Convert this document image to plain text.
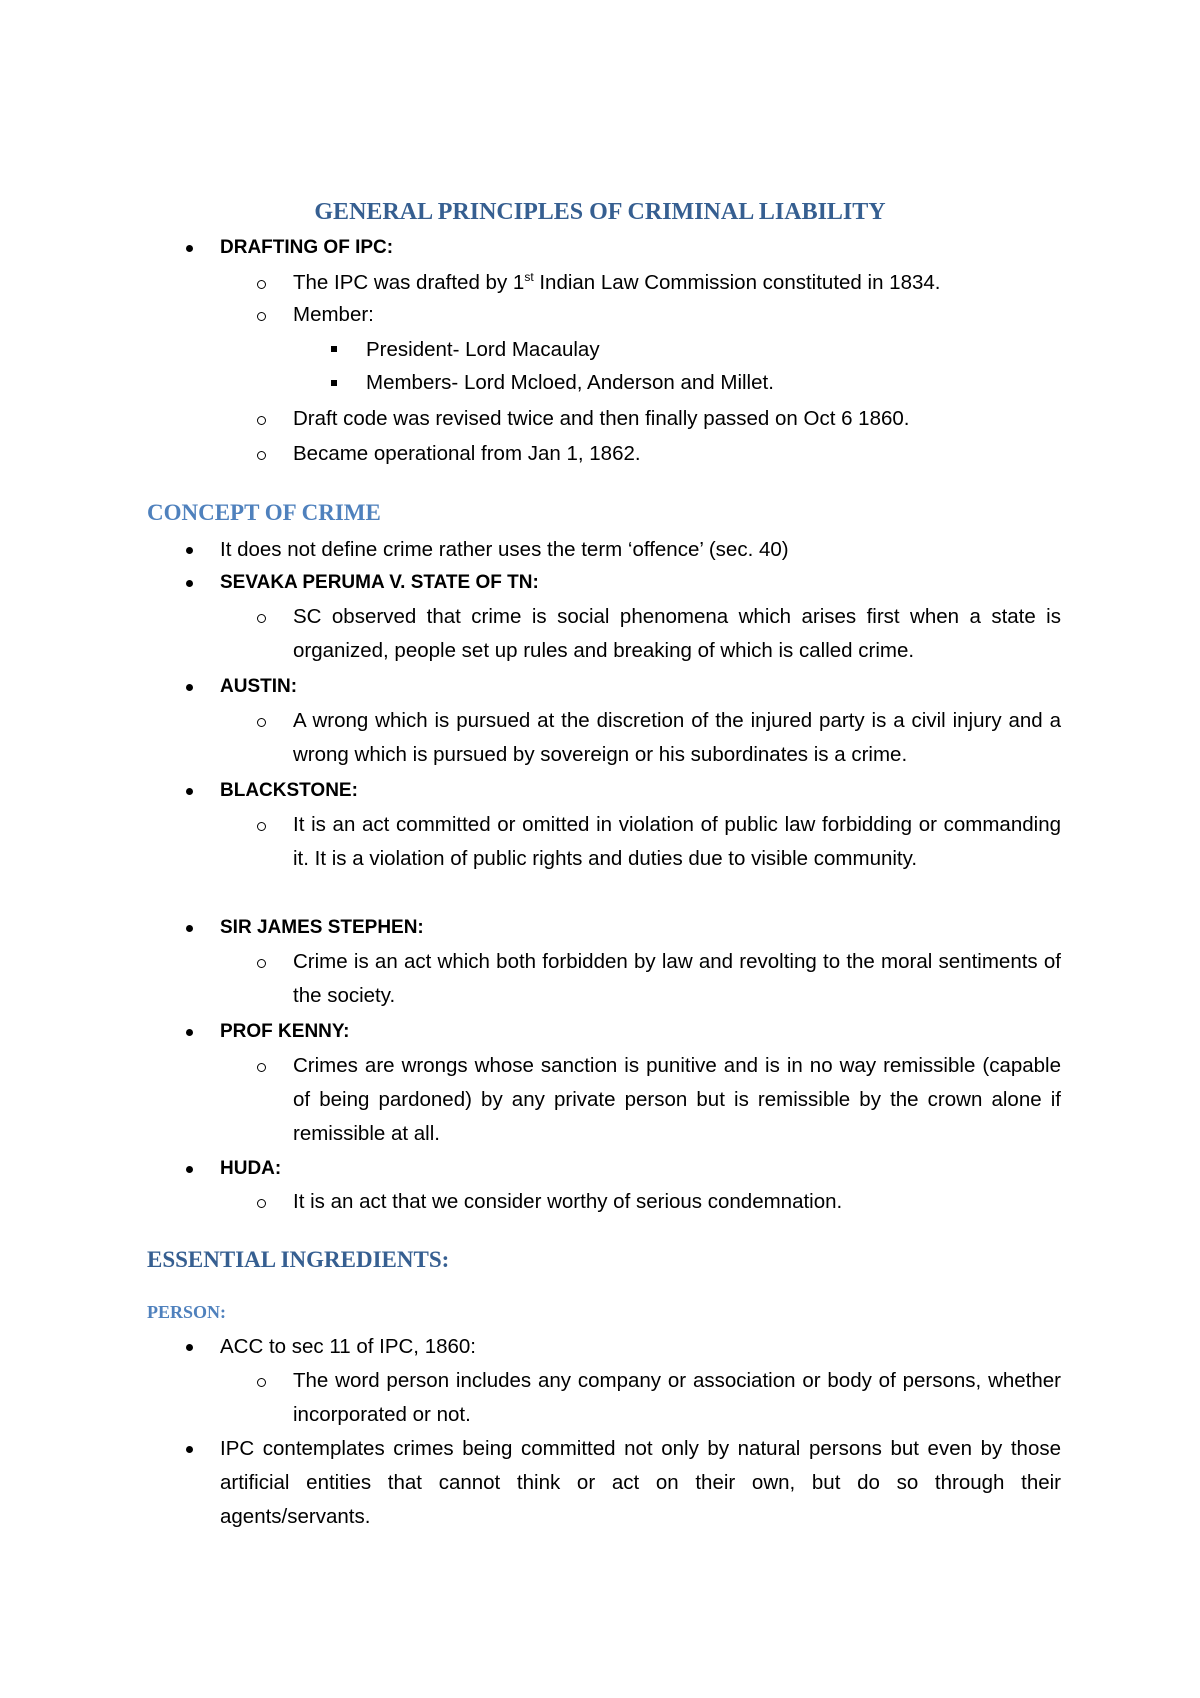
GENERAL PRINCIPLES OF CRIMINAL LIABILITY
DRAFTING OF IPC:
The IPC was drafted by 1st Indian Law Commission constituted in 1834.
Member:
President- Lord Macaulay
Members- Lord Mcloed, Anderson and Millet.
Draft code was revised twice and then finally passed on Oct 6 1860.
Became operational from Jan 1, 1862.
CONCEPT OF CRIME
It does not define crime rather uses the term ‘offence’ (sec. 40)
SEVAKA PERUMA V. STATE OF TN:
SC observed that crime is social phenomena which arises first when a state is organized, people set up rules and breaking of which is called crime.
AUSTIN:
A wrong which is pursued at the discretion of the injured party is a civil injury and a wrong which is pursued by sovereign or his subordinates is a crime.
BLACKSTONE:
It is an act committed or omitted in violation of public law forbidding or commanding it. It is a violation of public rights and duties due to visible community.
SIR JAMES STEPHEN:
Crime is an act which both forbidden by law and revolting to the moral sentiments of the society.
PROF KENNY:
Crimes are wrongs whose sanction is punitive and is in no way remissible (capable of being pardoned) by any private person but is remissible by the crown alone if remissible at all.
HUDA:
It is an act that we consider worthy of serious condemnation.
ESSENTIAL INGREDIENTS:
PERSON:
ACC to sec 11 of IPC, 1860:
The word person includes any company or association or body of persons, whether incorporated or not.
IPC contemplates crimes being committed not only by natural persons but even by those artificial entities that cannot think or act on their own, but do so through their agents/servants.
